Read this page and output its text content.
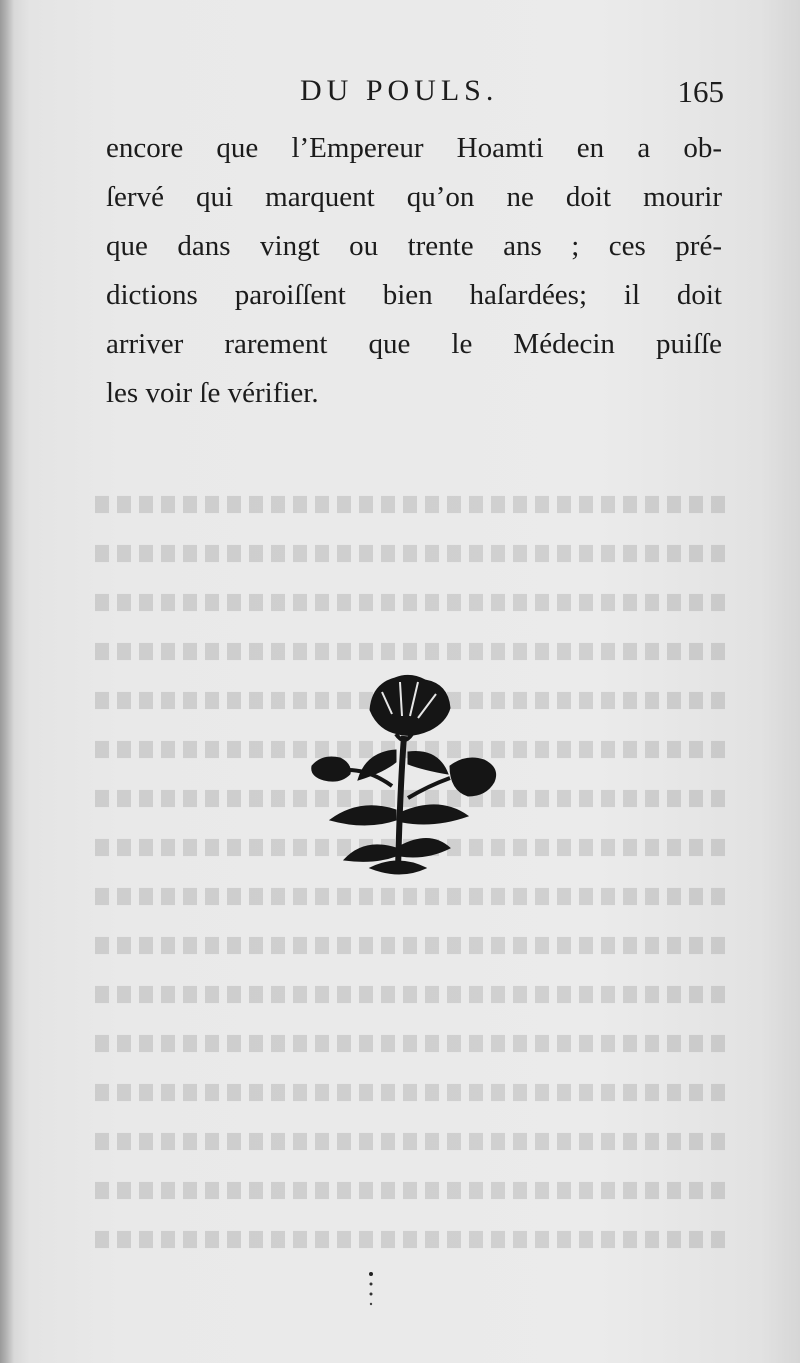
DU POULS.	165
encore que l’Empereur Hoamti en a ob-
ſervé qui marquent qu’on ne doit mourir
que dans vingt ou trente ans ; ces pré-
dictions paroiſſent bien haſardées; il doit
arriver rarement que le Médecin puiſſe
les voir ſe vérifier.
